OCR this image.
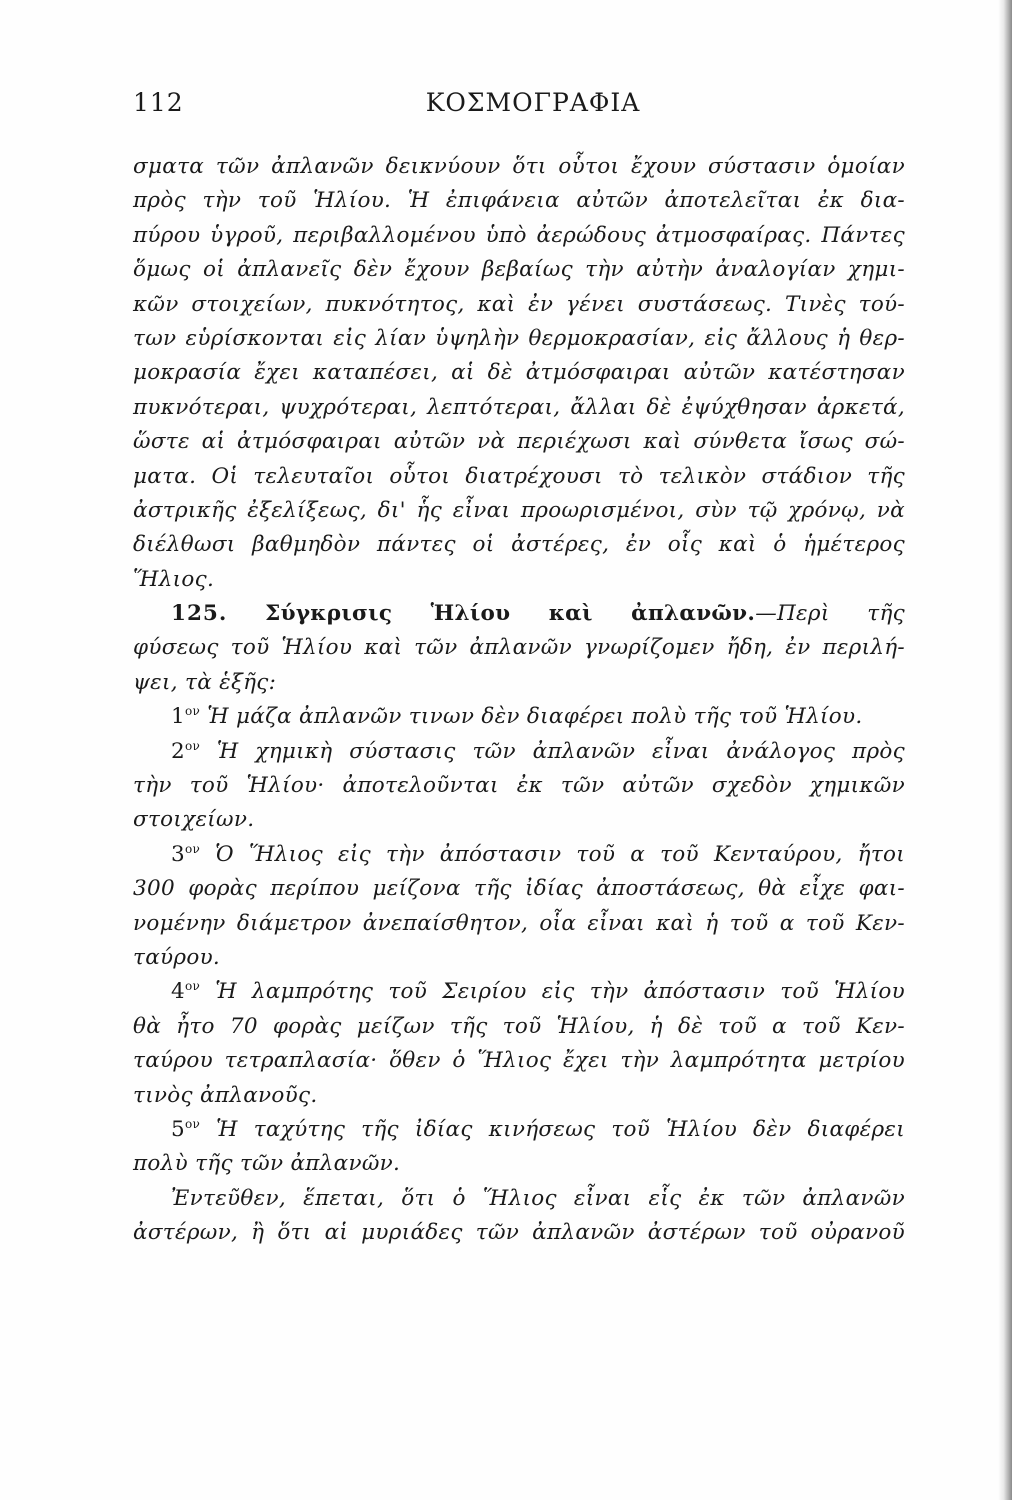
112	ΚΟΣΜΟΓΡΑΦΙΑ
σματα τῶν ἀπλανῶν δεικνύουν ὅτι οὗτοι ἔχουν σύστασιν ὁμοίαν
πρὸς τὴν τοῦ Ἡλίου. Ἡ ἐπιφάνεια αὐτῶν ἀποτελεῖται ἐκ δια-
πύρου ὑγροῦ, περιβαλλομένου ὑπὸ ἀερώδους ἀτμοσφαίρας. Πάντες
ὅμως οἱ ἀπλανεῖς δὲν ἔχουν βεβαίως τὴν αὐτὴν ἀναλογίαν χημι-
κῶν στοιχείων, πυκνότητος, καὶ ἐν γένει συστάσεως. Τινὲς τού-
των εὑρίσκονται εἰς λίαν ὑψηλὴν θερμοκρασίαν, εἰς ἄλλους ἡ θερ-
μοκρασία ἔχει καταπέσει, αἱ δὲ ἀτμόσφαιραι αὐτῶν κατέστησαν
πυκνότεραι, ψυχρότεραι, λεπτότεραι, ἄλλαι δὲ ἐψύχθησαν ἀρκετά,
ὥστε αἱ ἀτμόσφαιραι αὐτῶν νὰ περιέχωσι καὶ σύνθετα ἴσως σώ-
ματα. Οἱ τελευταῖοι οὗτοι διατρέχουσι τὸ τελικὸν στάδιον τῆς
ἀστρικῆς ἐξελίξεως, δι' ἧς εἶναι προωρισμένοι, σὺν τῷ χρόνῳ, νὰ
διέλθωσι βαθμηδὸν πάντες οἱ ἀστέρες, ἐν οἷς καὶ ὁ ἡμέτερος
Ἥλιος.
125. Σύγκρισις Ἡλίου καὶ ἀπλανῶν.—Περὶ τῆς
φύσεως τοῦ Ἡλίου καὶ τῶν ἀπλανῶν γνωρίζομεν ἤδη, ἐν περιλή-
ψει, τὰ ἑξῆς:
$1^{o\nu}$ Ἡ μάζα ἀπλανῶν τινων δὲν διαφέρει πολὺ τῆς τοῦ Ἡλίου.
$2^{o\nu}$ Ἡ χημικὴ σύστασις τῶν ἀπλανῶν εἶναι ἀνάλογος πρὸς
τὴν τοῦ Ἡλίου· ἀποτελοῦνται ἐκ τῶν αὐτῶν σχεδὸν χημικῶν
στοιχείων.
$3^{o\nu}$ Ὁ Ἥλιος εἰς τὴν ἀπόστασιν τοῦ α τοῦ Κενταύρου, ἤτοι
300 φορὰς περίπου μείζονα τῆς ἰδίας ἀποστάσεως, θὰ εἶχε φαι-
νομένην διάμετρον ἀνεπαίσθητον, οἷα εἶναι καὶ ἡ τοῦ α τοῦ Κεν-
ταύρου.
$4^{o\nu}$ Ἡ λαμπρότης τοῦ Σειρίου εἰς τὴν ἀπόστασιν τοῦ Ἡλίου
θὰ ἦτο 70 φορὰς μείζων τῆς τοῦ Ἡλίου, ἡ δὲ τοῦ α τοῦ Κεν-
ταύρου τετραπλασία· ὅθεν ὁ Ἥλιος ἔχει τὴν λαμπρότητα μετρίου
τινὸς ἀπλανοῦς.
$5^{o\nu}$ Ἡ ταχύτης τῆς ἰδίας κινήσεως τοῦ Ἡλίου δὲν διαφέρει
πολὺ τῆς τῶν ἀπλανῶν.
Ἐντεῦθεν, ἕπεται, ὅτι ὁ Ἥλιος εἶναι εἷς ἐκ τῶν ἀπλανῶν
ἀστέρων, ἢ ὅτι αἱ μυριάδες τῶν ἀπλανῶν ἀστέρων τοῦ οὐρανοῦ
